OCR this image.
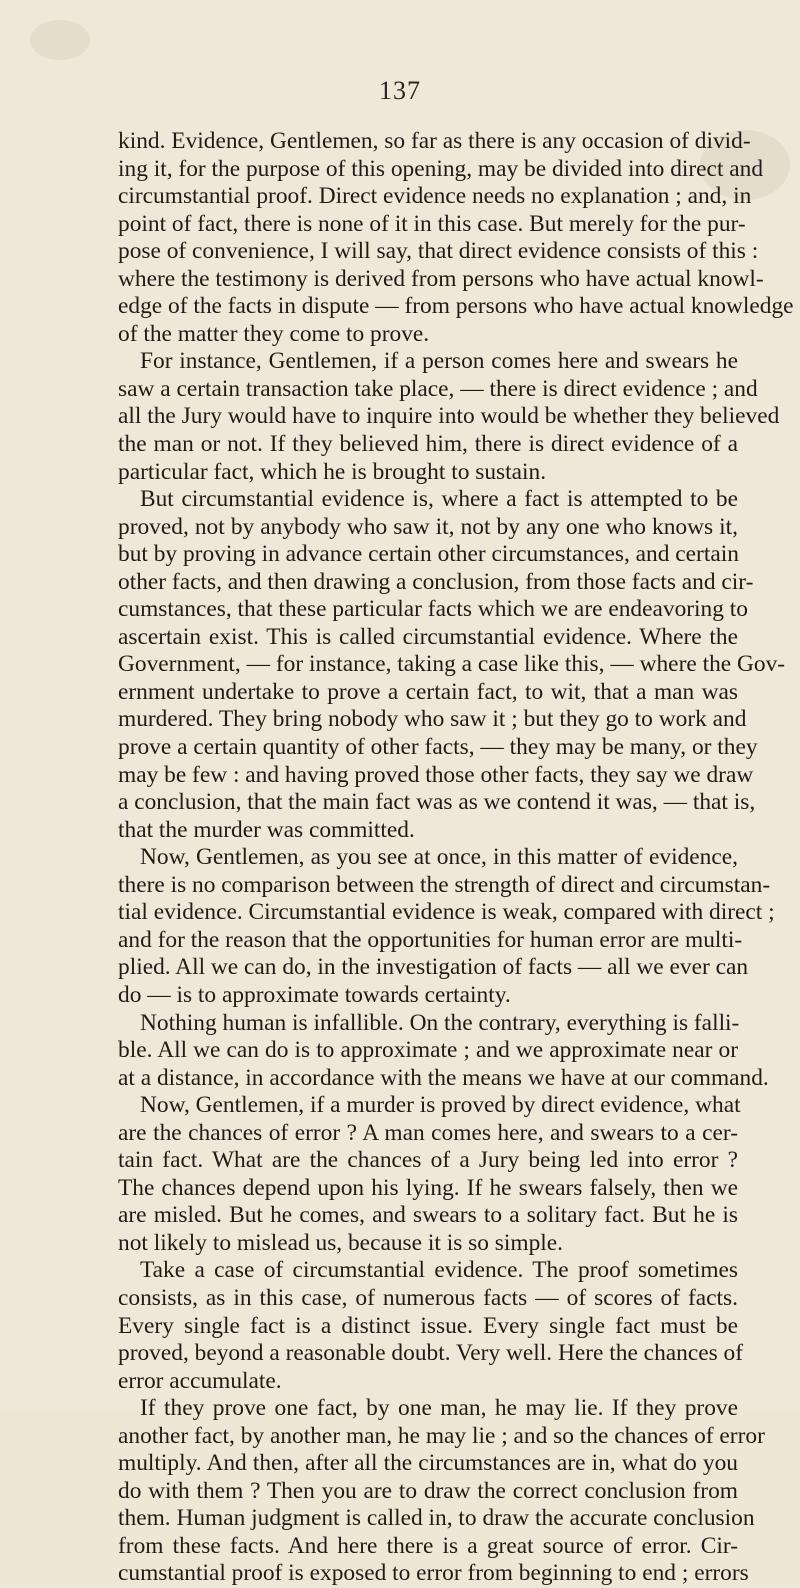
137
kind. Evidence, Gentlemen, so far as there is any occasion of divid-
ing it, for the purpose of this opening, may be divided into direct and
circumstantial proof. Direct evidence needs no explanation ; and, in
point of fact, there is none of it in this case. But merely for the pur-
pose of convenience, I will say, that direct evidence consists of this :
where the testimony is derived from persons who have actual knowl-
edge of the facts in dispute — from persons who have actual knowledge
of the matter they come to prove.
For instance, Gentlemen, if a person comes here and swears he
saw a certain transaction take place, — there is direct evidence ; and
all the Jury would have to inquire into would be whether they believed
the man or not. If they believed him, there is direct evidence of a
particular fact, which he is brought to sustain.
But circumstantial evidence is, where a fact is attempted to be
proved, not by anybody who saw it, not by any one who knows it,
but by proving in advance certain other circumstances, and certain
other facts, and then drawing a conclusion, from those facts and cir-
cumstances, that these particular facts which we are endeavoring to
ascertain exist. This is called circumstantial evidence. Where the
Government, — for instance, taking a case like this, — where the Gov-
ernment undertake to prove a certain fact, to wit, that a man was
murdered. They bring nobody who saw it ; but they go to work and
prove a certain quantity of other facts, — they may be many, or they
may be few : and having proved those other facts, they say we draw
a conclusion, that the main fact was as we contend it was, — that is,
that the murder was committed.
Now, Gentlemen, as you see at once, in this matter of evidence,
there is no comparison between the strength of direct and circumstan-
tial evidence. Circumstantial evidence is weak, compared with direct ;
and for the reason that the opportunities for human error are multi-
plied. All we can do, in the investigation of facts — all we ever can
do — is to approximate towards certainty.
Nothing human is infallible. On the contrary, everything is falli-
ble. All we can do is to approximate ; and we approximate near or
at a distance, in accordance with the means we have at our command.
Now, Gentlemen, if a murder is proved by direct evidence, what
are the chances of error ? A man comes here, and swears to a cer-
tain fact. What are the chances of a Jury being led into error ?
The chances depend upon his lying. If he swears falsely, then we
are misled. But he comes, and swears to a solitary fact. But he is
not likely to mislead us, because it is so simple.
Take a case of circumstantial evidence. The proof sometimes
consists, as in this case, of numerous facts — of scores of facts.
Every single fact is a distinct issue. Every single fact must be
proved, beyond a reasonable doubt. Very well. Here the chances of
error accumulate.
If they prove one fact, by one man, he may lie. If they prove
another fact, by another man, he may lie ; and so the chances of error
multiply. And then, after all the circumstances are in, what do you
do with them ? Then you are to draw the correct conclusion from
them. Human judgment is called in, to draw the accurate conclusion
from these facts. And here there is a great source of error. Cir-
cumstantial proof is exposed to error from beginning to end ; errors
